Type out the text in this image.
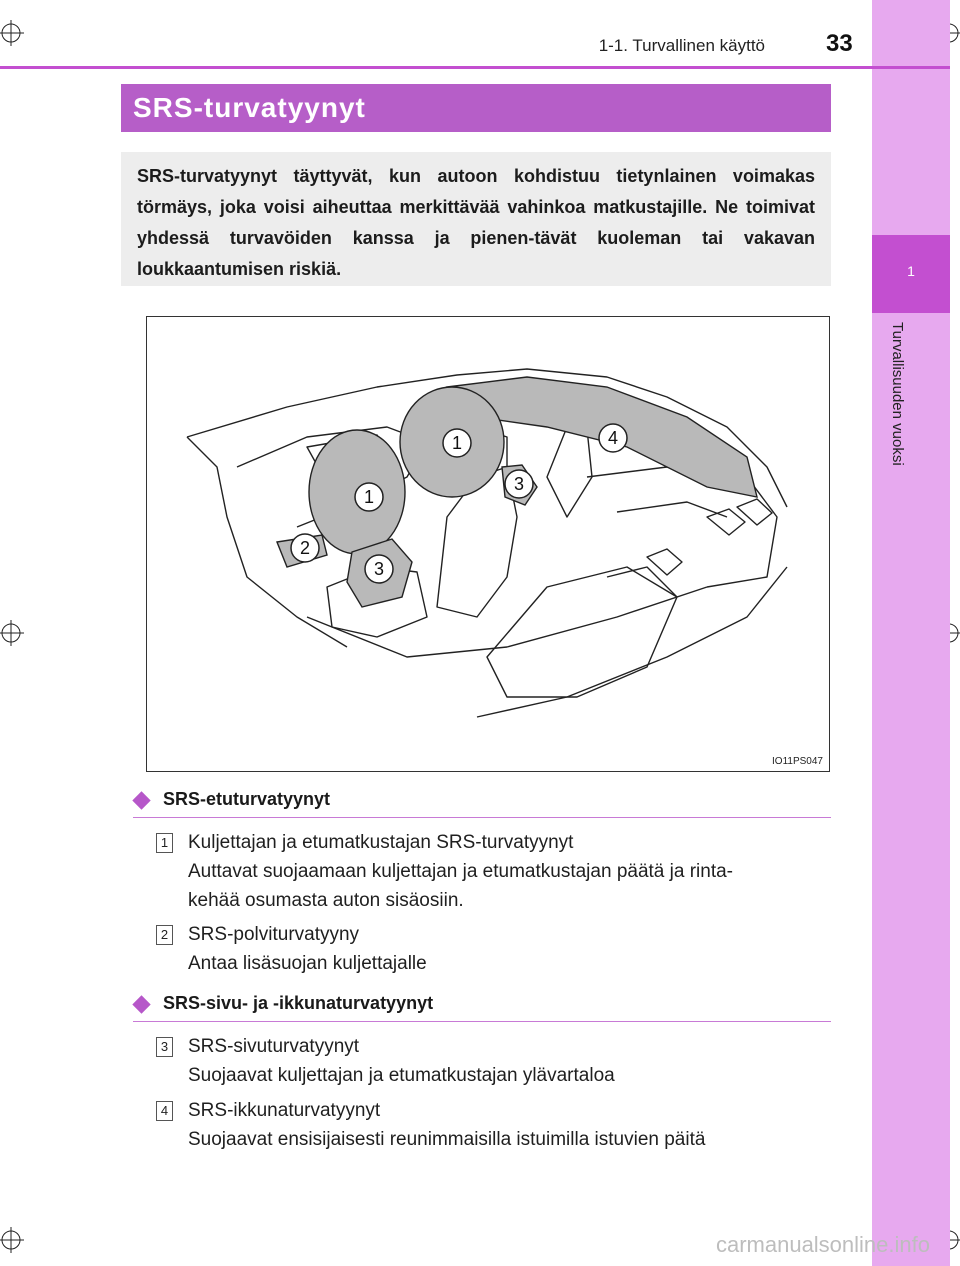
1
Turvallisuuden vuoksi
1-1. Turvallinen käyttö	33
SRS-turvatyynyt
SRS-turvatyynyt täyttyvät, kun autoon kohdistuu tietynlainen voimakas törmäys, joka voisi aiheuttaa merkittävää vahinkoa matkustajille. Ne toimivat yhdessä turvavöiden kanssa ja pienen-tävät kuoleman tai vakavan loukkaantumisen riskiä.
1
1
2
3
3
4
IO11PS047
SRS-etuturvatyynyt
1 Kuljettajan ja etumatkustajan SRS-turvatyynyt

Auttavat suojaamaan kuljettajan ja etumatkustajan päätä ja rinta-

kehää osumasta auton sisäosiin.

2 SRS-polviturvatyyny

Antaa lisäsuojan kuljettajalle

SRS-sivu- ja -ikkunaturvatyynyt
3 SRS-sivuturvatyynyt

Suojaavat kuljettajan ja etumatkustajan ylävartaloa

4 SRS-ikkunaturvatyynyt

Suojaavat ensisijaisesti reunimmaisilla istuimilla istuvien päitä

carmanualsonline.info
